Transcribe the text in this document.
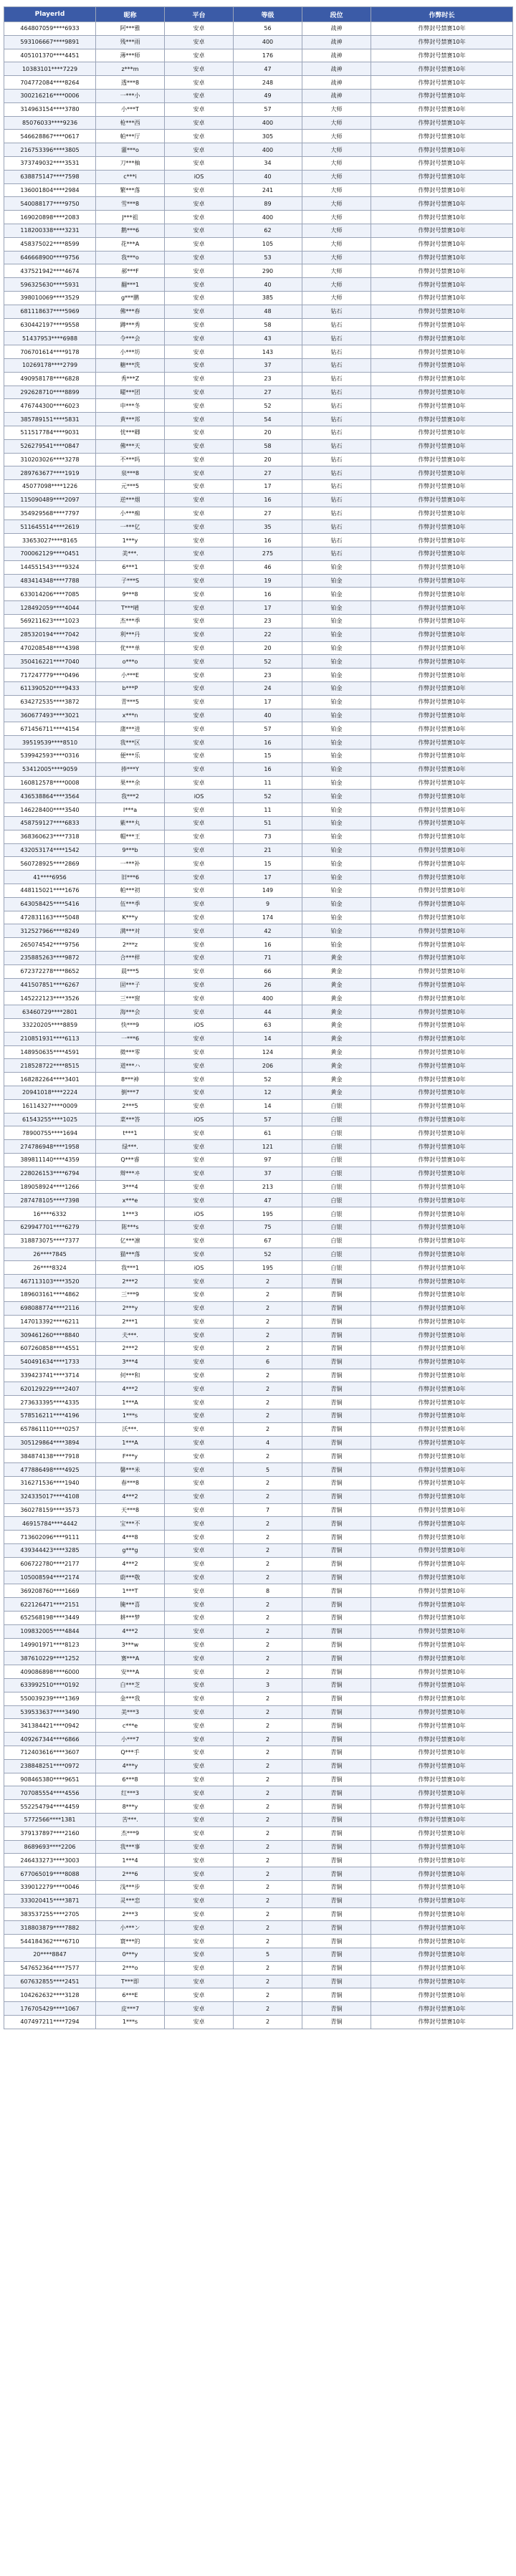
PlayerId	昵称	平台	等级	段位	作弊时长
464807059****6933	阿***雅	安卓	56	战神	作弊封号禁赛10年
593106667****9891	残***雨	安卓	400	战神	作弊封号禁赛10年
405101370****4451	薄***师	安卓	176	战神	作弊封号禁赛10年
10383101****7229	z***m	安卓	47	战神	作弊封号禁赛10年
704772084****8264	透***8	安卓	248	战神	作弊封号禁赛10年
300216216****0006	一***小	安卓	49	战神	作弊封号禁赛10年
314963154****3780	小***T	安卓	57	大师	作弊封号禁赛10年
85076033****9236	枪***西	安卓	400	大师	作弊封号禁赛10年
546628867****0617	帕***厅	安卓	305	大师	作弊封号禁赛10年
216753396****3805	灌***o	安卓	400	大师	作弊封号禁赛10年
373749032****3531	刀***柚	安卓	34	大师	作弊封号禁赛10年
638875147****7598	c***i	iOS	40	大师	作弊封号禁赛10年
136001804****2984	繁***落	安卓	241	大师	作弊封号禁赛10年
540088177****9750	雪***8	安卓	89	大师	作弊封号禁赛10年
169020898****2083	J***祖	安卓	400	大师	作弊封号禁赛10年
118200338****3231	鹅***6	安卓	62	大师	作弊封号禁赛10年
458375022****8599	花***A	安卓	105	大师	作弊封号禁赛10年
646668900****9756	我***o	安卓	53	大师	作弊封号禁赛10年
437521942****4674	郝***F	安卓	290	大师	作弊封号禁赛10年
596325630****5931	翻***1	安卓	40	大师	作弊封号禁赛10年
398010069****3529	g***鹏	安卓	385	大师	作弊封号禁赛10年
681118637****5969	佛***春	安卓	48	钻石	作弊封号禁赛10年
630442197****9558	蹲***秀	安卓	58	钻石	作弊封号禁赛10年
51437953****6988	令***会	安卓	43	钻石	作弊封号禁赛10年
706701614****9178	小***坊	安卓	143	钻石	作弊封号禁赛10年
10269178****2799	糖***洗	安卓	37	钻石	作弊封号禁赛10年
490958178****6828	秀***Z	安卓	23	钻石	作弊封号禁赛10年
292628710****8899	曜***团	安卓	27	钻石	作弊封号禁赛10年
476744300****6023	申***冬	安卓	52	钻石	作弊封号禁赛10年
385789151****5831	黄***邦	安卓	54	钻石	作弊封号禁赛10年
511517784****9031	忧***卿	安卓	20	钻石	作弊封号禁赛10年
526279541****0847	佛***天	安卓	58	钻石	作弊封号禁赛10年
310203026****3278	不***吗	安卓	20	钻石	作弊封号禁赛10年
289763677****1919	泉***8	安卓	27	钻石	作弊封号禁赛10年
45077098****1226	元***5	安卓	17	钻石	作弊封号禁赛10年
115090489****2097	逆***烟	安卓	16	钻石	作弊封号禁赛10年
354929568****7797	小***痴	安卓	27	钻石	作弊封号禁赛10年
511645514****2619	一***亿	安卓	35	钻石	作弊封号禁赛10年
33653027****8165	1***y	安卓	16	钻石	作弊封号禁赛10年
700062129****0451	美***.	安卓	275	钻石	作弊封号禁赛10年
144551543****9324	6***1	安卓	46	铂金	作弊封号禁赛10年
483414348****7788	子***S	安卓	19	铂金	作弊封号禁赛10年
633014206****7085	9***8	安卓	16	铂金	作弊封号禁赛10年
128492059****4044	T***晴	安卓	17	铂金	作弊封号禁赛10年
569211623****1023	杰***季	安卓	23	铂金	作弊封号禁赛10年
285320194****7042	利***丹	安卓	22	铂金	作弊封号禁赛10年
470208548****4398	优***单	安卓	20	铂金	作弊封号禁赛10年
350416221****7040	o***o	安卓	52	铂金	作弊封号禁赛10年
717247779****0496	小***E	安卓	23	铂金	作弊封号禁赛10年
611390520****9433	b***P	安卓	24	铂金	作弊封号禁赛10年
634272535****3872	青***5	安卓	17	铂金	作弊封号禁赛10年
360677493****3021	x***n	安卓	40	铂金	作弊封号禁赛10年
671456711****4154	蒲***进	安卓	57	铂金	作弊封号禁赛10年
39519539****8510	我***区	安卓	16	铂金	作弊封号禁赛10年
539942593****0316	便***乐	安卓	15	铂金	作弊封号禁赛10年
53412005****9059	捧***Y	安卓	16	铂金	作弊封号禁赛10年
160812578****0008	果***余	安卓	11	铂金	作弊封号禁赛10年
436538864****3564	我***2	iOS	52	铂金	作弊封号禁赛10年
146228400****3540	I***a	安卓	11	铂金	作弊封号禁赛10年
458759127****6833	紫***丸	安卓	51	铂金	作弊封号禁赛10年
368360623****7318	帽***王	安卓	73	铂金	作弊封号禁赛10年
432053174****1542	9***b	安卓	21	铂金	作弊封号禁赛10年
560728925****2869	一***补	安卓	15	铂金	作弊封号禁赛10年
41****6956	旧***6	安卓	17	铂金	作弊封号禁赛10年
448115021****1676	帕***初	安卓	149	铂金	作弊封号禁赛10年
643058425****5416	伍***季	安卓	9	铂金	作弊封号禁赛10年
472831163****5048	K***y	安卓	174	铂金	作弊封号禁赛10年
312527966****8249	满***对	安卓	42	铂金	作弊封号禁赛10年
265074542****9756	2***z	安卓	16	铂金	作弊封号禁赛10年
235885263****9872	合***样	安卓	71	黄金	作弊封号禁赛10年
672372278****8652	晨***5	安卓	66	黄金	作弊封号禁赛10年
441507851****6267	固***子	安卓	26	黄金	作弊封号禁赛10年
145222123****3526	三***窗	安卓	400	黄金	作弊封号禁赛10年
63460729****2801	海***会	安卓	44	黄金	作弊封号禁赛10年
33220205****8859	快***9	iOS	63	黄金	作弊封号禁赛10年
210851931****6113	一***6	安卓	14	黄金	作弊封号禁赛10年
148950635****4591	微***零	安卓	124	黄金	作弊封号禁赛10年
218528722****8515	道***ハ	安卓	206	黄金	作弊封号禁赛10年
168282264****3401	8***神	安卓	52	黄金	作弊封号禁赛10年
20941018****2224	倒***7	安卓	12	黄金	作弊封号禁赛10年
16114327****0009	2***5	安卓	14	白银	作弊封号禁赛10年
61543255****1025	菜***答	iOS	57	白银	作弊封号禁赛10年
78900755****1694	t***1	安卓	61	白银	作弊封号禁赛10年
274786948****1958	绿***.	安卓	121	白银	作弊封号禁赛10年
389811140****4359	Q***睿	安卓	97	白银	作弊封号禁赛10年
228026153****6794	辩***ヰ	安卓	37	白银	作弊封号禁赛10年
189058924****1266	3***4	安卓	213	白银	作弊封号禁赛10年
287478105****7398	x***e	安卓	47	白银	作弊封号禁赛10年
16****6332	1***3	iOS	195	白银	作弊封号禁赛10年
629947701****6279	陈***s	安卓	75	白银	作弊封号禁赛10年
318873075****7377	亿***凛	安卓	67	白银	作弊封号禁赛10年
26****7845	猫***落	安卓	52	白银	作弊封号禁赛10年
26****8324	我***1	iOS	195	白银	作弊封号禁赛10年
467113103****3520	2***2	安卓	2	青铜	作弊封号禁赛10年
189603161****4862	三***9	安卓	2	青铜	作弊封号禁赛10年
698088774****2116	2***y	安卓	2	青铜	作弊封号禁赛10年
147013392****6211	2***1	安卓	2	青铜	作弊封号禁赛10年
309461260****8840	夫***.	安卓	2	青铜	作弊封号禁赛10年
607260858****4551	2***2	安卓	2	青铜	作弊封号禁赛10年
540491634****1733	3***4	安卓	6	青铜	作弊封号禁赛10年
339423741****3714	何***和	安卓	2	青铜	作弊封号禁赛10年
620129229****2407	4***2	安卓	2	青铜	作弊封号禁赛10年
273633395****4335	1***A	安卓	2	青铜	作弊封号禁赛10年
578516211****4196	1***s	安卓	2	青铜	作弊封号禁赛10年
657861110****0257	沃***.	安卓	2	青铜	作弊封号禁赛10年
305129864****3894	1***A	安卓	4	青铜	作弊封号禁赛10年
384874138****7918	F***y	安卓	2	青铜	作弊封号禁赛10年
477886498****4925	馨***米	安卓	5	青铜	作弊封号禁赛10年
316271536****1940	春***8	安卓	2	青铜	作弊封号禁赛10年
324335017****4108	4***2	安卓	2	青铜	作弊封号禁赛10年
360278159****3573	天***8	安卓	7	青铜	作弊封号禁赛10年
46915784****4442	宝***不	安卓	2	青铜	作弊封号禁赛10年
713602096****9111	4***8	安卓	2	青铜	作弊封号禁赛10年
439344423****3285	g***g	安卓	2	青铜	作弊封号禁赛10年
606722780****2177	4***2	安卓	2	青铜	作弊封号禁赛10年
105008594****2174	蔚***敬	安卓	2	青铜	作弊封号禁赛10年
369208760****1669	1***T	安卓	8	青铜	作弊封号禁赛10年
622126471****2151	腌***喜	安卓	2	青铜	作弊封号禁赛10年
652568198****3449	耕***梦	安卓	2	青铜	作弊封号禁赛10年
109832005****4844	4***2	安卓	2	青铜	作弊封号禁赛10年
149901971****8123	3***w	安卓	2	青铜	作弊封号禁赛10年
387610229****1252	赛***A	安卓	2	青铜	作弊封号禁赛10年
409086898****6000	安***A	安卓	2	青铜	作弊封号禁赛10年
633992510****0192	白***芝	安卓	3	青铜	作弊封号禁赛10年
550039239****1369	金***我	安卓	2	青铜	作弊封号禁赛10年
539533637****3490	美***3	安卓	2	青铜	作弊封号禁赛10年
341384421****0942	c***e	安卓	2	青铜	作弊封号禁赛10年
409267344****6866	小***7	安卓	2	青铜	作弊封号禁赛10年
712403616****3607	Q***手	安卓	2	青铜	作弊封号禁赛10年
238848251****0972	4***y	安卓	2	青铜	作弊封号禁赛10年
908465380****9651	6***8	安卓	2	青铜	作弊封号禁赛10年
707085554****4556	红***3	安卓	2	青铜	作弊封号禁赛10年
552254794****4459	8***y	安卓	2	青铜	作弊封号禁赛10年
5772566****1381	苦***.	安卓	2	青铜	作弊封号禁赛10年
379137897****2160	杰***9	安卓	2	青铜	作弊封号禁赛10年
8689693****2206	我***事	安卓	2	青铜	作弊封号禁赛10年
246433273****3003	1***4	安卓	2	青铜	作弊封号禁赛10年
677065019****8088	2***6	安卓	2	青铜	作弊封号禁赛10年
339012279****0046	浅***步	安卓	2	青铜	作弊封号禁赛10年
333020415****3871	灵***恋	安卓	2	青铜	作弊封号禁赛10年
383537255****2705	2***3	安卓	2	青铜	作弊封号禁赛10年
318803879****7882	小***ン	安卓	2	青铜	作弊封号禁赛10年
544184362****6710	寰***的	安卓	2	青铜	作弊封号禁赛10年
20****8847	0***y	安卓	5	青铜	作弊封号禁赛10年
547652364****7577	2***o	安卓	2	青铜	作弊封号禁赛10年
607632855****2451	T***即	安卓	2	青铜	作弊封号禁赛10年
104262632****3128	6***E	安卓	2	青铜	作弊封号禁赛10年
176705429****1067	皮***7	安卓	2	青铜	作弊封号禁赛10年
407497211****7294	1***s	安卓	2	青铜	作弊封号禁赛10年
